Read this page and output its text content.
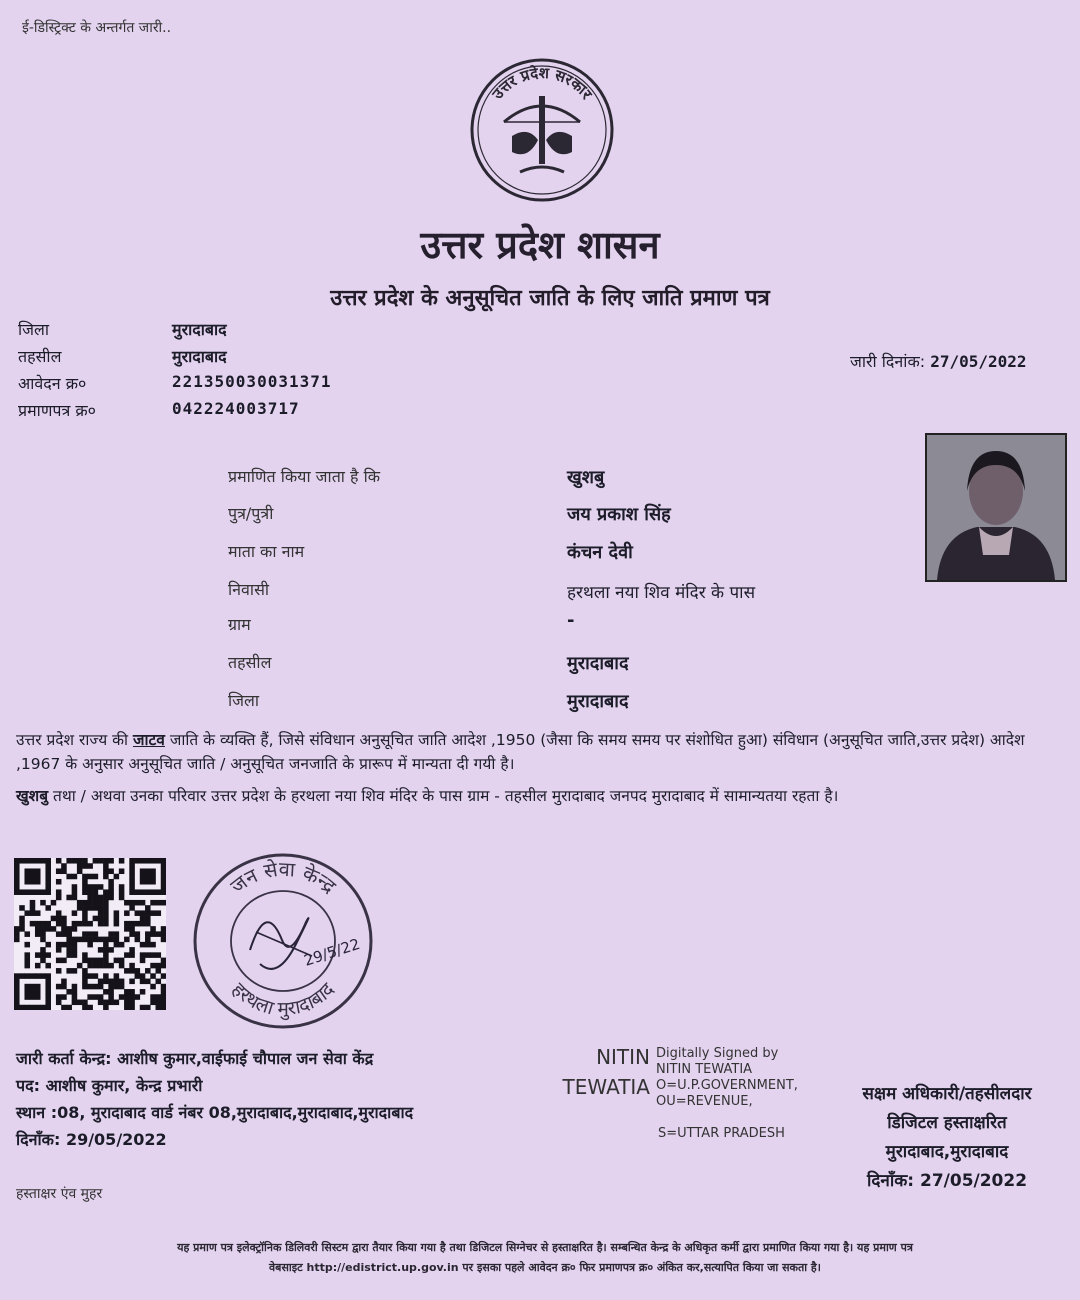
ई-डिस्ट्रिक्ट के अन्तर्गत जारी..
उत्तर प्रदेश सरकार
उत्तर प्रदेश शासन
उत्तर प्रदेश के अनुसूचित जाति के लिए जाति प्रमाण पत्र
जिला	मुरादाबाद
तहसील	मुरादाबाद
आवेदन क्र०	221350030031371
प्रमाणपत्र क्र०	042224003717
जारी दिनांक: 27/05/2022
प्रमाणित किया जाता है कि	खुशबु
पुत्र/पुत्री	जय प्रकाश सिंह
माता का नाम	कंचन देवी
निवासी	हरथला नया शिव मंदिर के पास
ग्राम	-
तहसील	मुरादाबाद
जिला	मुरादाबाद
उत्तर प्रदेश राज्य की जाटव जाति के व्यक्ति हैं, जिसे संविधान अनुसूचित जाति आदेश ,1950 (जैसा कि समय समय पर संशोधित हुआ) संविधान (अनुसूचित जाति,उत्तर प्रदेश) आदेश ,1967 के अनुसार अनुसूचित जाति / अनुसूचित जनजाति के प्रारूप में मान्यता दी गयी है।
खुशबु तथा / अथवा उनका परिवार उत्तर प्रदेश के हरथला नया शिव मंदिर के पास ग्राम - तहसील मुरादाबाद जनपद मुरादाबाद में सामान्यतया रहता है।
जन सेवा केन्द्र
हरथला मुरादाबाद
29/5/22
जारी कर्ता केन्द्र: आशीष कुमार,वाईफाई चौपाल जन सेवा केंद्र
पद: आशीष कुमार, केन्द्र प्रभारी
स्थान :08, मुरादाबाद वार्ड नंबर 08,मुरादाबाद,मुरादाबाद,मुरादाबाद
दिनाँक: 29/05/2022
NITIN
TEWATIA
Digitally Signed by
NITIN TEWATIA
O=U.P.GOVERNMENT,
OU=REVENUE,
S=UTTAR PRADESH
सक्षम अधिकारी/तहसीलदार
डिजिटल हस्ताक्षरित
मुरादाबाद,मुरादाबाद
दिनाँक: 27/05/2022
हस्ताक्षर एंव मुहर
यह प्रमाण पत्र इलेक्ट्रॉनिक डिलिवरी सिस्टम द्वारा तैयार किया गया है तथा डिजिटल सिग्नेचर से हस्ताक्षरित है। सम्बन्धित केन्द्र के अधिकृत कर्मी द्वारा प्रमाणित किया गया है। यह प्रमाण पत्र
वेबसाइट http://edistrict.up.gov.in पर इसका पहले आवेदन क्र० फिर प्रमाणपत्र क्र० अंकित कर,सत्यापित किया जा सकता है।
